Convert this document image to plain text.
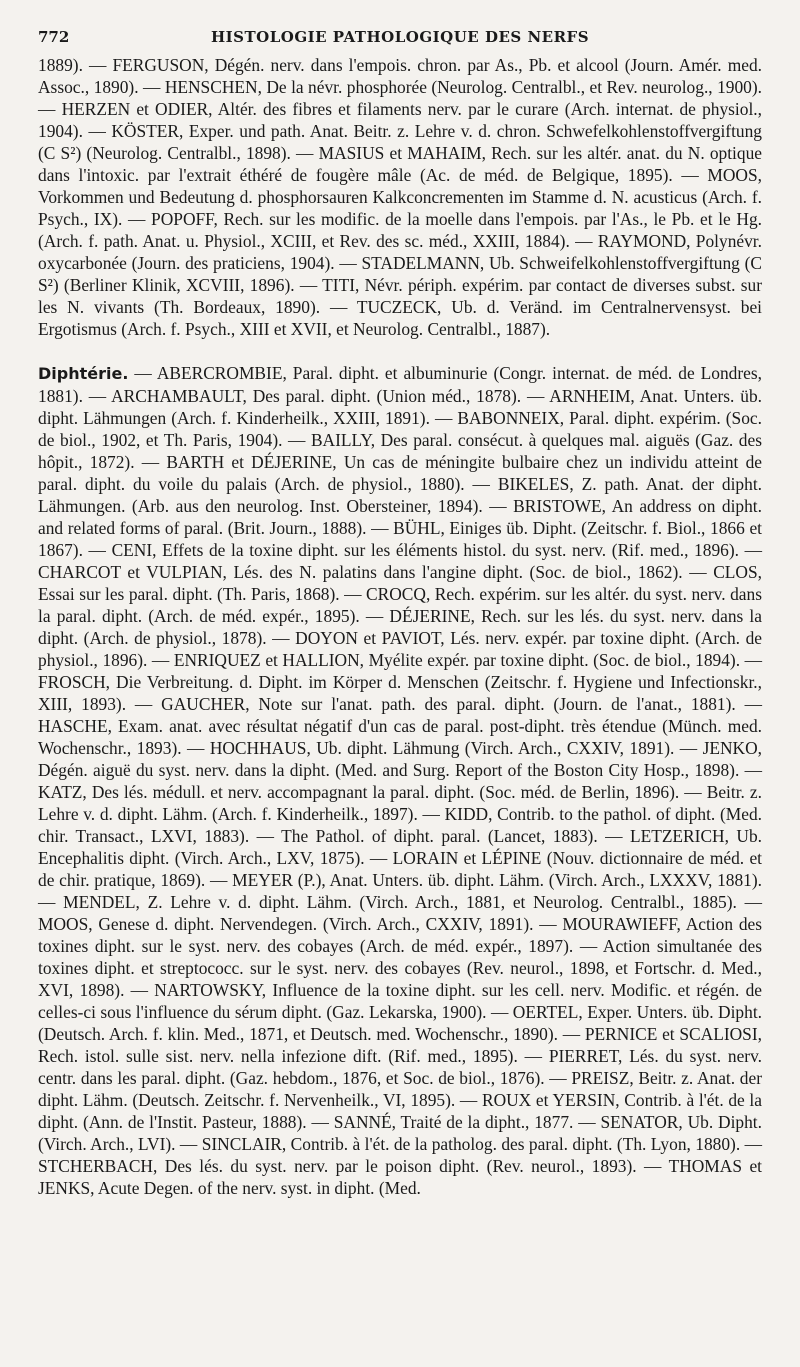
772	HISTOLOGIE PATHOLOGIQUE DES NERFS

1889). — FERGUSON, Dégén. nerv. dans l'empois. chron. par As., Pb. et alcool (Journ. Amér. med. Assoc., 1890). — HENSCHEN, De la névr. phosphorée (Neurolog. Centralbl., et Rev. neurolog., 1900). — HERZEN et ODIER, Altér. des fibres et filaments nerv. par le curare (Arch. internat. de physiol., 1904). — KÖSTER, Exper. und path. Anat. Beitr. z. Lehre v. d. chron. Schwefelkohlenstoffvergiftung (C S²) (Neurolog. Centralbl., 1898). — MASIUS et MAHAIM, Rech. sur les altér. anat. du N. optique dans l'intoxic. par l'extrait éthéré de fougère mâle (Ac. de méd. de Belgique, 1895). — MOOS, Vorkommen und Bedeutung d. phosphorsauren Kalkconcrementen im Stamme d. N. acusticus (Arch. f. Psych., IX). — POPOFF, Rech. sur les modific. de la moelle dans l'empois. par l'As., le Pb. et le Hg. (Arch. f. path. Anat. u. Physiol., XCIII, et Rev. des sc. méd., XXIII, 1884). — RAYMOND, Polynévr. oxycarbonée (Journ. des praticiens, 1904). — STADELMANN, Ub. Schweifelkohlenstoffvergiftung (C S²) (Berliner Klinik, XCVIII, 1896). — TITI, Névr. périph. expérim. par contact de diverses subst. sur les N. vivants (Th. Bordeaux, 1890). — TUCZECK, Ub. d. Veränd. im Centralnervensyst. bei Ergotismus (Arch. f. Psych., XIII et XVII, et Neurolog. Centralbl., 1887).

Diphtérie. — ABERCROMBIE, Paral. dipht. et albuminurie (Congr. internat. de méd. de Londres, 1881). — ARCHAMBAULT, Des paral. dipht. (Union méd., 1878). — ARNHEIM, Anat. Unters. üb. dipht. Lähmungen (Arch. f. Kinderheilk., XXIII, 1891). — BABONNEIX, Paral. dipht. expérim. (Soc. de biol., 1902, et Th. Paris, 1904). — BAILLY, Des paral. consécut. à quelques mal. aiguës (Gaz. des hôpit., 1872). — BARTH et DÉJERINE, Un cas de méningite bulbaire chez un individu atteint de paral. dipht. du voile du palais (Arch. de physiol., 1880). — BIKELES, Z. path. Anat. der dipht. Lähmungen. (Arb. aus den neurolog. Inst. Obersteiner, 1894). — BRISTOWE, An address on dipht. and related forms of paral. (Brit. Journ., 1888). — BÜHL, Einiges üb. Dipht. (Zeitschr. f. Biol., 1866 et 1867). — CENI, Effets de la toxine dipht. sur les éléments histol. du syst. nerv. (Rif. med., 1896). — CHARCOT et VULPIAN, Lés. des N. palatins dans l'angine dipht. (Soc. de biol., 1862). — CLOS, Essai sur les paral. dipht. (Th. Paris, 1868). — CROCQ, Rech. expérim. sur les altér. du syst. nerv. dans la paral. dipht. (Arch. de méd. expér., 1895). — DÉJERINE, Rech. sur les lés. du syst. nerv. dans la dipht. (Arch. de physiol., 1878). — DOYON et PAVIOT, Lés. nerv. expér. par toxine dipht. (Arch. de physiol., 1896). — ENRIQUEZ et HALLION, Myélite expér. par toxine dipht. (Soc. de biol., 1894). — FROSCH, Die Verbreitung. d. Dipht. im Körper d. Menschen (Zeitschr. f. Hygiene und Infectionskr., XIII, 1893). — GAUCHER, Note sur l'anat. path. des paral. dipht. (Journ. de l'anat., 1881). — HASCHE, Exam. anat. avec résultat négatif d'un cas de paral. post-dipht. très étendue (Münch. med. Wochenschr., 1893). — HOCHHAUS, Ub. dipht. Lähmung (Virch. Arch., CXXIV, 1891). — JENKO, Dégén. aiguë du syst. nerv. dans la dipht. (Med. and Surg. Report of the Boston City Hosp., 1898). — KATZ, Des lés. médull. et nerv. accompagnant la paral. dipht. (Soc. méd. de Berlin, 1896). — Beitr. z. Lehre v. d. dipht. Lähm. (Arch. f. Kinderheilk., 1897). — KIDD, Contrib. to the pathol. of dipht. (Med. chir. Transact., LXVI, 1883). — The Pathol. of dipht. paral. (Lancet, 1883). — LETZERICH, Ub. Encephalitis dipht. (Virch. Arch., LXV, 1875). — LORAIN et LÉPINE (Nouv. dictionnaire de méd. et de chir. pratique, 1869). — MEYER (P.), Anat. Unters. üb. dipht. Lähm. (Virch. Arch., LXXXV, 1881). — MENDEL, Z. Lehre v. d. dipht. Lähm. (Virch. Arch., 1881, et Neurolog. Centralbl., 1885). — MOOS, Genese d. dipht. Nervendegen. (Virch. Arch., CXXIV, 1891). — MOURAWIEFF, Action des toxines dipht. sur le syst. nerv. des cobayes (Arch. de méd. expér., 1897). — Action simultanée des toxines dipht. et streptococc. sur le syst. nerv. des cobayes (Rev. neurol., 1898, et Fortschr. d. Med., XVI, 1898). — NARTOWSKY, Influence de la toxine dipht. sur les cell. nerv. Modific. et régén. de celles-ci sous l'influence du sérum dipht. (Gaz. Lekarska, 1900). — OERTEL, Exper. Unters. üb. Dipht. (Deutsch. Arch. f. klin. Med., 1871, et Deutsch. med. Wochenschr., 1890). — PERNICE et SCALIOSI, Rech. istol. sulle sist. nerv. nella infezione dift. (Rif. med., 1895). — PIERRET, Lés. du syst. nerv. centr. dans les paral. dipht. (Gaz. hebdom., 1876, et Soc. de biol., 1876). — PREISZ, Beitr. z. Anat. der dipht. Lähm. (Deutsch. Zeitschr. f. Nervenheilk., VI, 1895). — ROUX et YERSIN, Contrib. à l'ét. de la dipht. (Ann. de l'Instit. Pasteur, 1888). — SANNÉ, Traité de la dipht., 1877. — SENATOR, Ub. Dipht. (Virch. Arch., LVI). — SINCLAIR, Contrib. à l'ét. de la patholog. des paral. dipht. (Th. Lyon, 1880). — STCHERBACH, Des lés. du syst. nerv. par le poison dipht. (Rev. neurol., 1893). — THOMAS et JENKS, Acute Degen. of the nerv. syst. in dipht. (Med.
